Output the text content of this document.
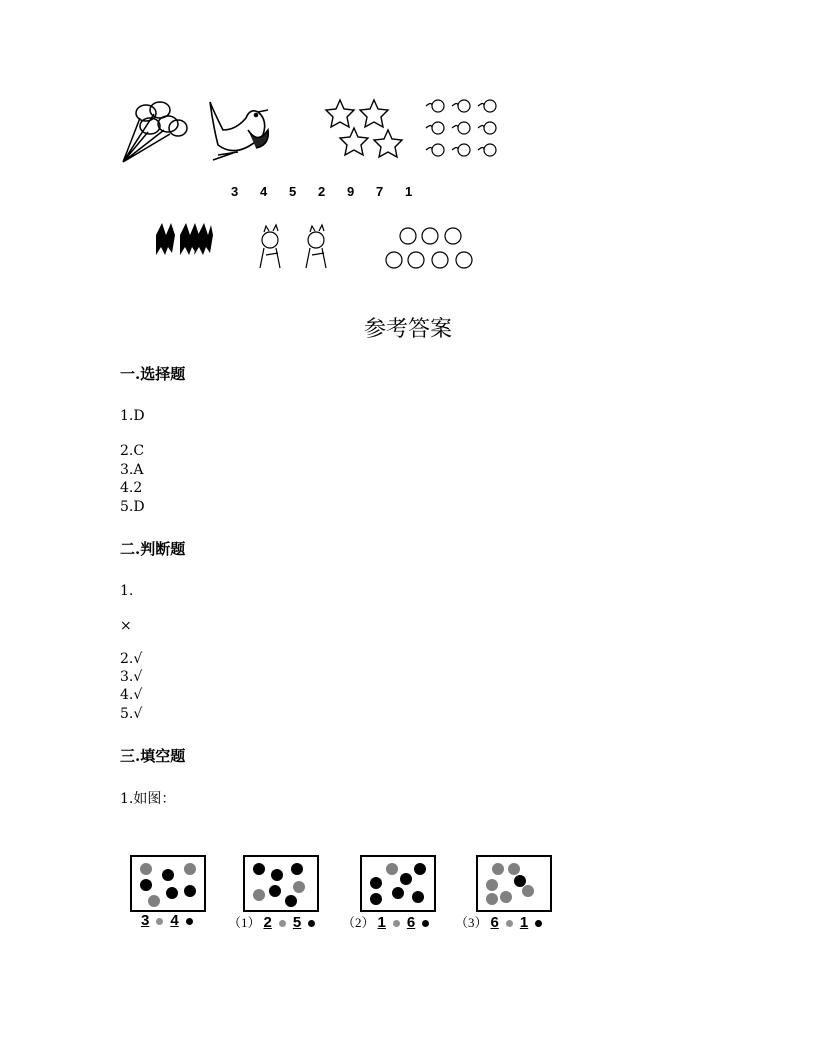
3 4 5 2 9 7 1
参考答案
一.选择题
1.D
2.C
3.A
4.2
5.D
二.判断题
1.
×
2.√
3.√
4.√
5.√
三.填空题
1.如图：
3 4	（1） 2 5	（2） 1 6	（3） 6 1
